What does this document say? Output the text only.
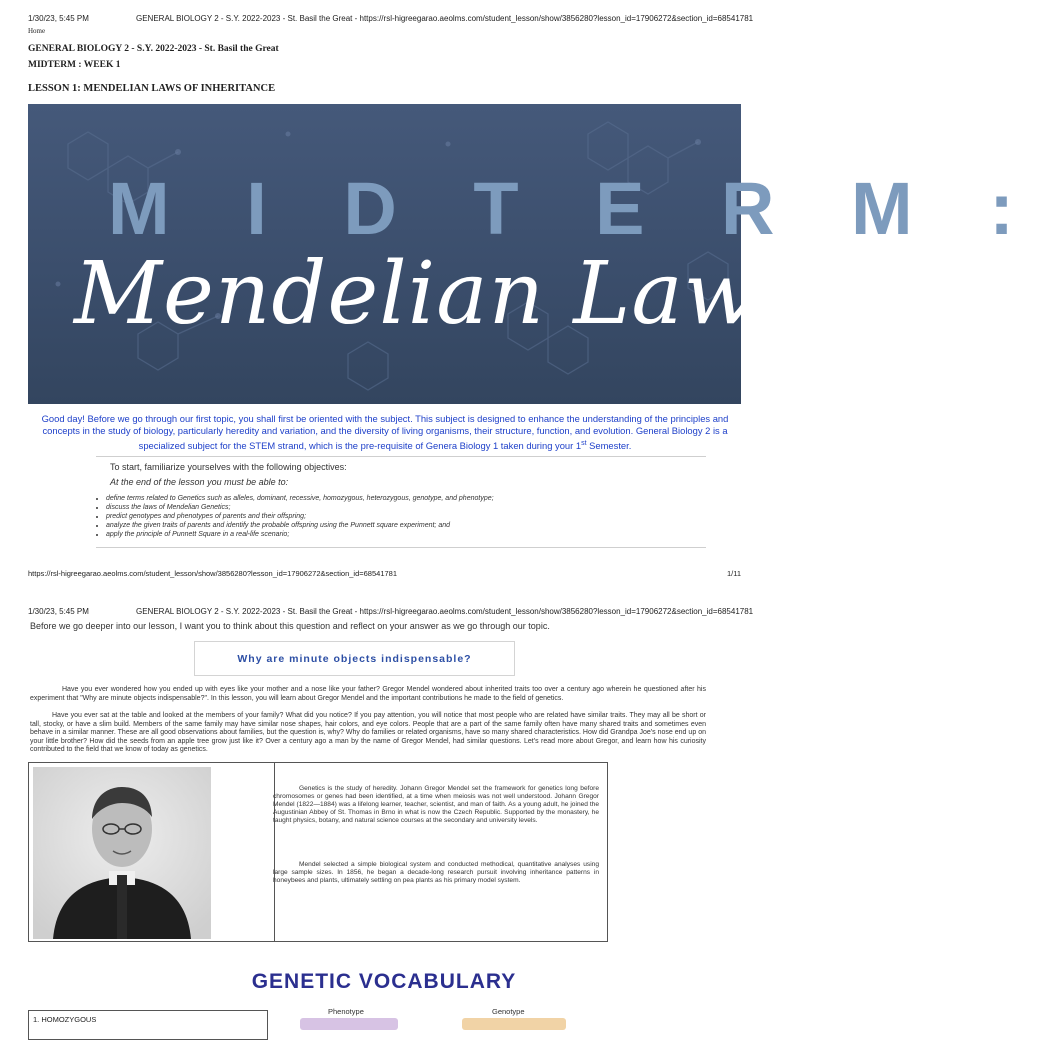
1/30/23, 5:45 PM	GENERAL BIOLOGY 2 - S.Y. 2022-2023 - St. Basil the Great - https://rsl-higreegarao.aeolms.com/student_lesson/show/3856280?lesson_id=17906272&section_id=68541781
Home
GENERAL BIOLOGY 2 - S.Y. 2022-2023 - St. Basil the Great
MIDTERM : WEEK 1
LESSON 1: MENDELIAN LAWS OF INHERITANCE
M I D T E R M :
Mendelian Laws of
Good day! Before we go through our first topic, you shall first be oriented with the subject. This subject is designed to enhance the understanding of the principles and concepts in the study of biology, particularly heredity and variation, and the diversity of living organisms, their structure, function, and evolution. General Biology 2 is a specialized subject for the STEM strand, which is the pre-requisite of Genera Biology 1 taken during your 1st Semester.
To start, familiarize yourselves with the following objectives:
At the end of the lesson you must be able to:
• define terms related to Genetics such as alleles, dominant, recessive, homozygous, heterozygous, genotype, and phenotype;
• discuss the laws of Mendelian Genetics;
• predict genotypes and phenotypes of parents and their offspring;
• analyze the given traits of parents and identify the probable offspring using the Punnett square experiment; and
• apply the principle of Punnett Square in a real-life scenario;
https://rsl-higreegarao.aeolms.com/student_lesson/show/3856280?lesson_id=17906272&section_id=68541781	1/11
1/30/23, 5:45 PM	GENERAL BIOLOGY 2 - S.Y. 2022-2023 - St. Basil the Great - https://rsl-higreegarao.aeolms.com/student_lesson/show/3856280?lesson_id=17906272&section_id=68541781
Before we go deeper into our lesson, I want you to think about this question and reflect on your answer as we go through our topic.
Why are minute objects indispensable?
Have you ever wondered how you ended up with eyes like your mother and a nose like your father? Gregor Mendel wondered about inherited traits too over a century ago wherein he questioned after his experiment that "Why are minute objects indispensable?". In this lesson, you will learn about Gregor Mendel and the important contributions he made to the field of genetics.
Have you ever sat at the table and looked at the members of your family? What did you notice? If you pay attention, you will notice that most people who are related have similar traits. They may all be short or tall, stocky, or have a slim build. Members of the same family may have similar nose shapes, hair colors, and eye colors. People that are a part of the same family often have many shared traits and sometimes even behave in a similar manner. These are all good observations about families, but the question is, why? Why do families or related organisms, have so many shared characteristics. How did Grandpa Joe's nose end up on your little brother? How did the seeds from an apple tree grow just like it? Over a century ago a man by the name of Gregor Mendel, had similar questions. Let's read more about Gregor, and learn how his curiosity contributed to the field that we know of today as genetics.
Genetics is the study of heredity. Johann Gregor Mendel set the framework for genetics long before chromosomes or genes had been identified, at a time when meiosis was not well understood. Johann Gregor Mendel (1822—1884) was a lifelong learner, teacher, scientist, and man of faith. As a young adult, he joined the Augustinian Abbey of St. Thomas in Brno in what is now the Czech Republic. Supported by the monastery, he taught physics, botany, and natural science courses at the secondary and university levels.
Mendel selected a simple biological system and conducted methodical, quantitative analyses using large sample sizes. In 1856, he began a decade-long research pursuit involving inheritance patterns in honeybees and plants, ultimately settling on pea plants as his primary model system.
GENETIC VOCABULARY
1. HOMOZYGOUS
Phenotype	Genotype
